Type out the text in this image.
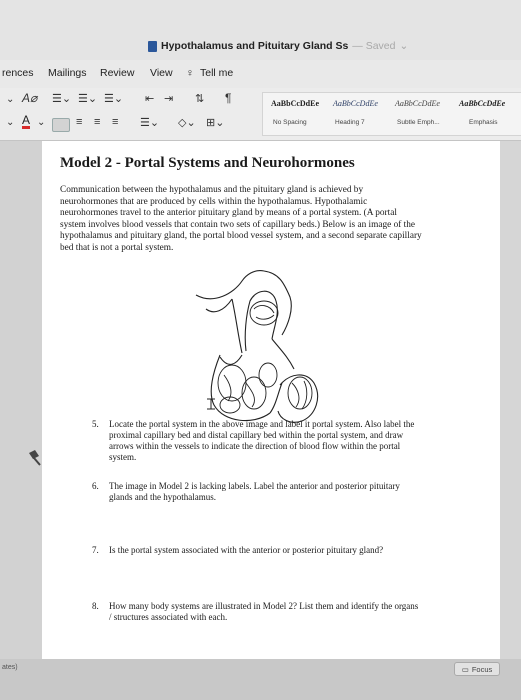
Hypothalamus and Pituitary Gland Ss — Saved ⌄
rences Mailings Review View ♀ Tell me
⌄ A⌀ ☰⌄ ☰⌄ ☰⌄ ⇤ ⇥ ⇅ ¶
⌄ A ⌄	≡ ≡ ≡ ☰⌄ ◇⌄ ⊞⌄
AaBbCcDdEe
No Spacing
AaBbCcDdEe
Heading 7
AaBbCcDdEe
Subtle Emph...
AaBbCcDdEe
Emphasis
Model 2 - Portal Systems and Neurohormones
Communication between the hypothalamus and the pituitary gland is achieved by
neurohormones that are produced by cells within the hypothalamus. Hypothalamic
neurohormones travel to the anterior pituitary gland by means of a portal system. (A portal
system involves blood vessels that contain two sets of capillary beds.) Below is an image of the
hypothalamus and pituitary gland, the portal blood vessel system, and a second separate capillary
bed that is not a portal system.
5. Locate the portal system in the above image and label it portal system. Also label the
proximal capillary bed and distal capillary bed within the portal system, and draw
arrows within the vessels to indicate the direction of blood flow within the portal
system.
6. The image in Model 2 is lacking labels. Label the anterior and posterior pituitary
glands and the hypothalamus.
7. Is the portal system associated with the anterior or posterior pituitary gland?
8. How many body systems are illustrated in Model 2? List them and identify the organs
/ structures associated with each.
ates)	▭ Focus
